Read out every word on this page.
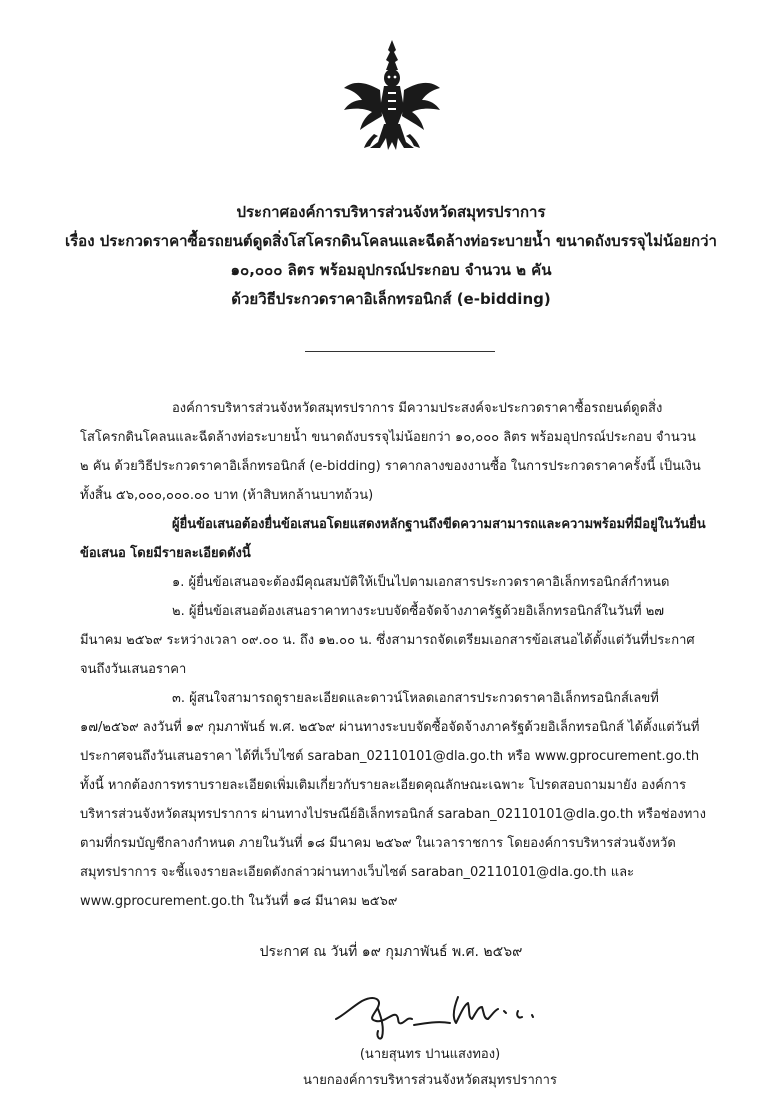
ประกาศองค์การบริหารส่วนจังหวัดสมุทรปราการ
เรื่อง ประกวดราคาซื้อรถยนต์ดูดสิ่งโสโครกดินโคลนและฉีดล้างท่อระบายน้ำ ขนาดถังบรรจุไม่น้อยกว่า
๑๐,๐๐๐ ลิตร พร้อมอุปกรณ์ประกอบ จำนวน ๒ คัน
ด้วยวิธีประกวดราคาอิเล็กทรอนิกส์ (e-bidding)

องค์การบริหารส่วนจังหวัดสมุทรปราการ มีความประสงค์จะประกวดราคาซื้อรถยนต์ดูดสิ่งโสโครกดินโคลนและฉีดล้างท่อระบายน้ำ ขนาดถังบรรจุไม่น้อยกว่า ๑๐,๐๐๐ ลิตร พร้อมอุปกรณ์ประกอบ จำนวน ๒ คัน ด้วยวิธีประกวดราคาอิเล็กทรอนิกส์ (e-bidding) ราคากลางของงานซื้อ ในการประกวดราคาครั้งนี้ เป็นเงินทั้งสิ้น ๕๖,๐๐๐,๐๐๐.๐๐ บาท (ห้าสิบหกล้านบาทถ้วน)

ผู้ยื่นข้อเสนอต้องยื่นข้อเสนอโดยแสดงหลักฐานถึงขีดความสามารถและความพร้อมที่มีอยู่ในวันยื่นข้อเสนอ โดยมีรายละเอียดดังนี้

๑. ผู้ยื่นข้อเสนอจะต้องมีคุณสมบัติให้เป็นไปตามเอกสารประกวดราคาอิเล็กทรอนิกส์กำหนด

๒. ผู้ยื่นข้อเสนอต้องเสนอราคาทางระบบจัดซื้อจัดจ้างภาครัฐด้วยอิเล็กทรอนิกส์ในวันที่ ๒๗ มีนาคม ๒๕๖๙ ระหว่างเวลา ๐๙.๐๐ น. ถึง ๑๒.๐๐ น. ซึ่งสามารถจัดเตรียมเอกสารข้อเสนอได้ตั้งแต่วันที่ประกาศจนถึงวันเสนอราคา

๓. ผู้สนใจสามารถดูรายละเอียดและดาวน์โหลดเอกสารประกวดราคาอิเล็กทรอนิกส์เลขที่ ๑๗/๒๕๖๙ ลงวันที่ ๑๙ กุมภาพันธ์ พ.ศ. ๒๕๖๙ ผ่านทางระบบจัดซื้อจัดจ้างภาครัฐด้วยอิเล็กทรอนิกส์ ได้ตั้งแต่วันที่ประกาศจนถึงวันเสนอราคา ได้ที่เว็บไซต์ saraban_02110101@dla.go.th หรือ www.gprocurement.go.th ทั้งนี้ หากต้องการทราบรายละเอียดเพิ่มเติมเกี่ยวกับรายละเอียดคุณลักษณะเฉพาะ โปรดสอบถามมายัง องค์การบริหารส่วนจังหวัดสมุทรปราการ ผ่านทางไปรษณีย์อิเล็กทรอนิกส์ saraban_02110101@dla.go.th หรือช่องทางตามที่กรมบัญชีกลางกำหนด ภายในวันที่ ๑๘ มีนาคม ๒๕๖๙ ในเวลาราชการ โดยองค์การบริหารส่วนจังหวัดสมุทรปราการ จะชี้แจงรายละเอียดดังกล่าวผ่านทางเว็บไซต์ saraban_02110101@dla.go.th และ www.gprocurement.go.th ในวันที่ ๑๘ มีนาคม ๒๕๖๙

ประกาศ ณ วันที่ ๑๙ กุมภาพันธ์ พ.ศ. ๒๕๖๙
(นายสุนทร ปานแสงทอง)
นายกองค์การบริหารส่วนจังหวัดสมุทรปราการ
